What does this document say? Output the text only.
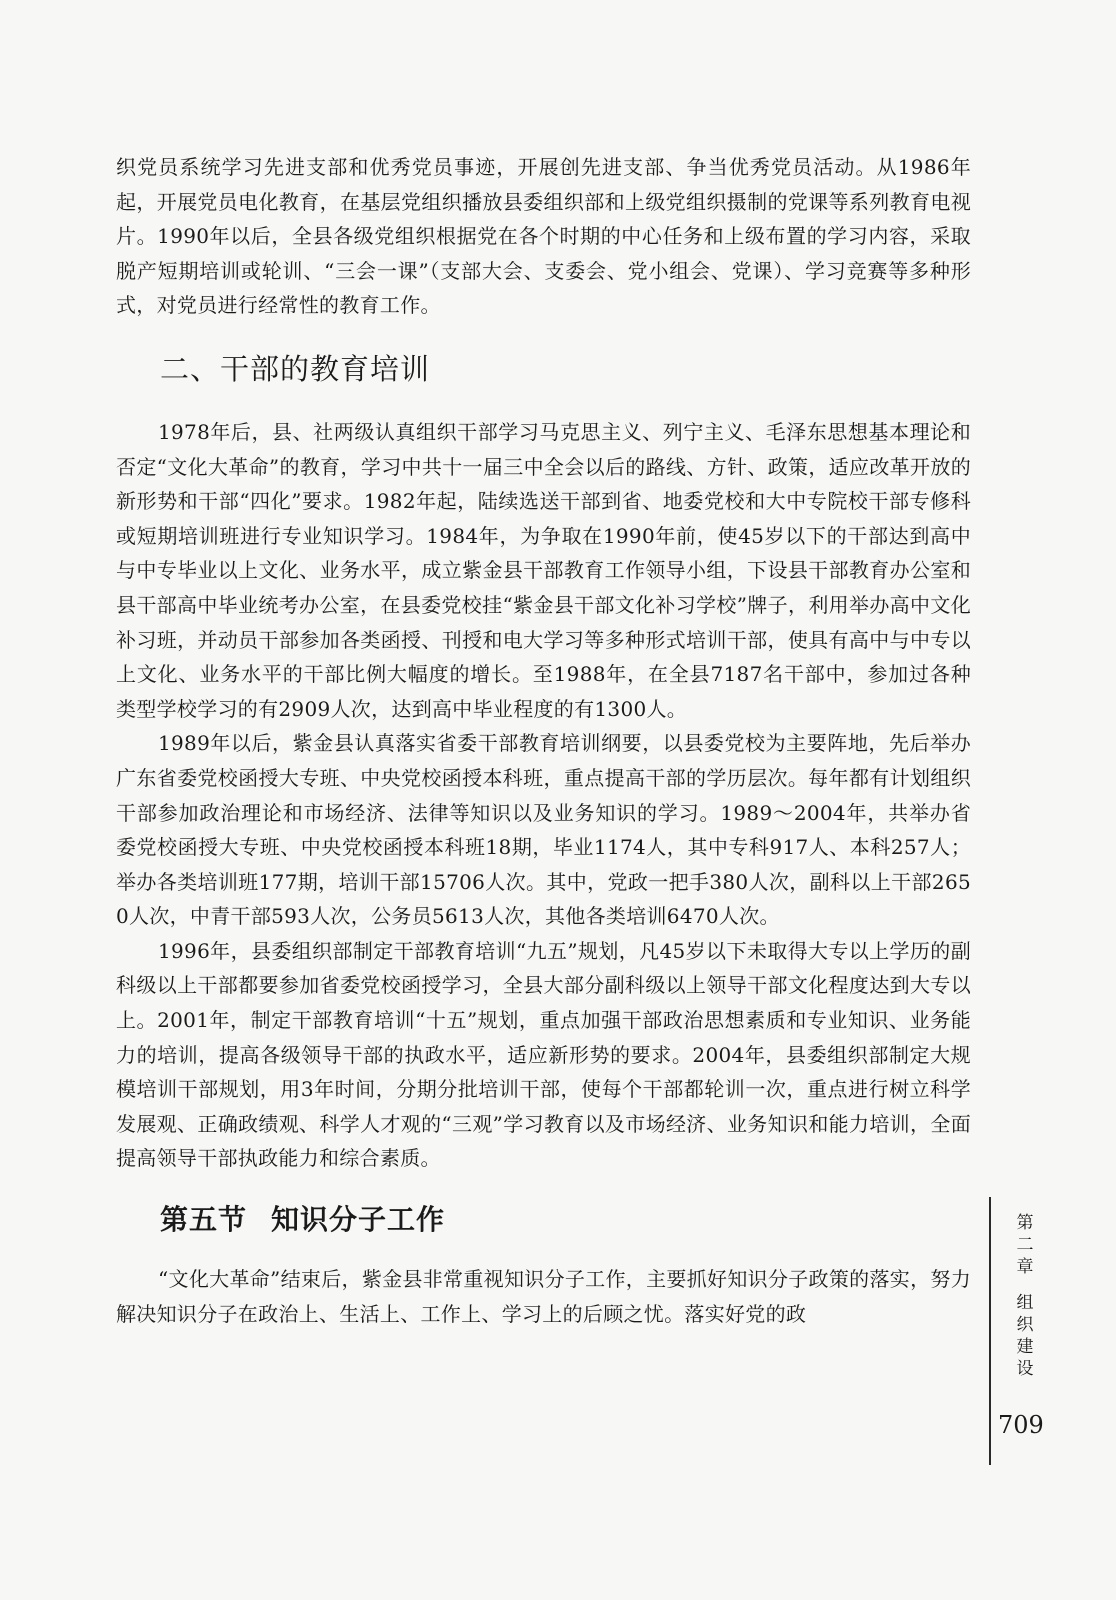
织党员系统学习先进支部和优秀党员事迹，开展创先进支部、争当优秀党员活动。从1986年起，开展党员电化教育，在基层党组织播放县委组织部和上级党组织摄制的党课等系列教育电视片。1990年以后，全县各级党组织根据党在各个时期的中心任务和上级布置的学习内容，采取脱产短期培训或轮训、“三会一课”（支部大会、支委会、党小组会、党课）、学习竞赛等多种形式，对党员进行经常性的教育工作。

二、干部的教育培训

1978年后，县、社两级认真组织干部学习马克思主义、列宁主义、毛泽东思想基本理论和否定“文化大革命”的教育，学习中共十一届三中全会以后的路线、方针、政策，适应改革开放的新形势和干部“四化”要求。1982年起，陆续选送干部到省、地委党校和大中专院校干部专修科或短期培训班进行专业知识学习。1984年，为争取在1990年前，使45岁以下的干部达到高中与中专毕业以上文化、业务水平，成立紫金县干部教育工作领导小组，下设县干部教育办公室和县干部高中毕业统考办公室，在县委党校挂“紫金县干部文化补习学校”牌子，利用举办高中文化补习班，并动员干部参加各类函授、刊授和电大学习等多种形式培训干部，使具有高中与中专以上文化、业务水平的干部比例大幅度的增长。至1988年，在全县7187名干部中，参加过各种类型学校学习的有2909人次，达到高中毕业程度的有1300人。

1989年以后，紫金县认真落实省委干部教育培训纲要，以县委党校为主要阵地，先后举办广东省委党校函授大专班、中央党校函授本科班，重点提高干部的学历层次。每年都有计划组织干部参加政治理论和市场经济、法律等知识以及业务知识的学习。1989～2004年，共举办省委党校函授大专班、中央党校函授本科班18期，毕业1174人，其中专科917人、本科257人；举办各类培训班177期，培训干部15706人次。其中，党政一把手380人次，副科以上干部2650人次，中青干部593人次，公务员5613人次，其他各类培训6470人次。

1996年，县委组织部制定干部教育培训“九五”规划，凡45岁以下未取得大专以上学历的副科级以上干部都要参加省委党校函授学习，全县大部分副科级以上领导干部文化程度达到大专以上。2001年，制定干部教育培训“十五”规划，重点加强干部政治思想素质和专业知识、业务能力的培训，提高各级领导干部的执政水平，适应新形势的要求。2004年，县委组织部制定大规模培训干部规划，用3年时间，分期分批培训干部，使每个干部都轮训一次，重点进行树立科学发展观、正确政绩观、科学人才观的“三观”学习教育以及市场经济、业务知识和能力培训，全面提高领导干部执政能力和综合素质。

第五节 知识分子工作

“文化大革命”结束后，紫金县非常重视知识分子工作，主要抓好知识分子政策的落实，努力解决知识分子在政治上、生活上、工作上、学习上的后顾之忧。落实好党的政

第
二
章
组
织
建
设
709
